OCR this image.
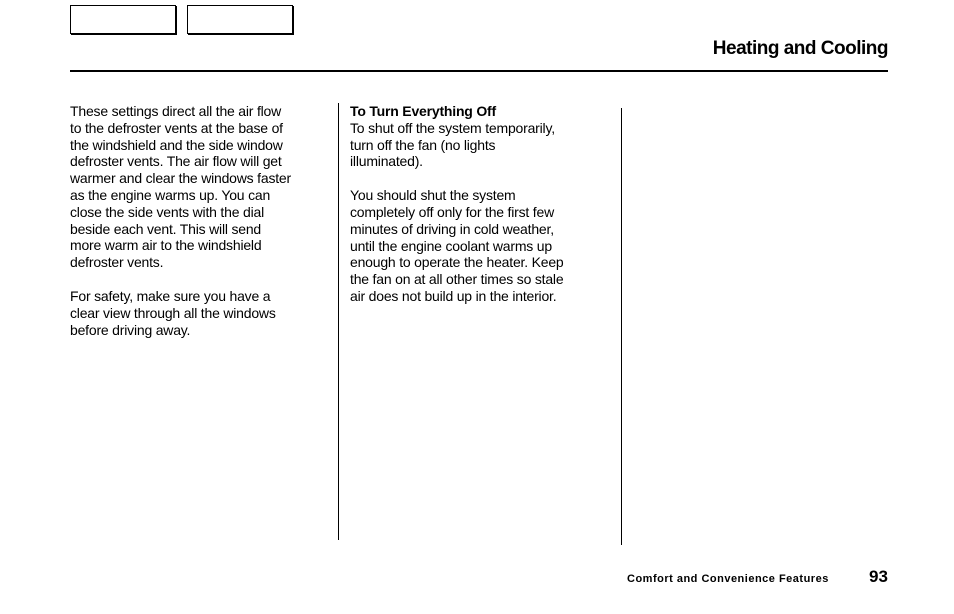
Heating and Cooling

These settings direct all the air flow
to the defroster vents at the base of
the windshield and the side window
defroster vents. The air flow will get
warmer and clear the windows faster
as the engine warms up. You can
close the side vents with the dial
beside each vent. This will send
more warm air to the windshield
defroster vents.

For safety, make sure you have a
clear view through all the windows
before driving away.

To Turn Everything Off
To shut off the system temporarily,
turn off the fan (no lights
illuminated).

You should shut the system
completely off only for the first few
minutes of driving in cold weather,
until the engine coolant warms up
enough to operate the heater. Keep
the fan on at all other times so stale
air does not build up in the interior.

Comfort and Convenience Features 93
